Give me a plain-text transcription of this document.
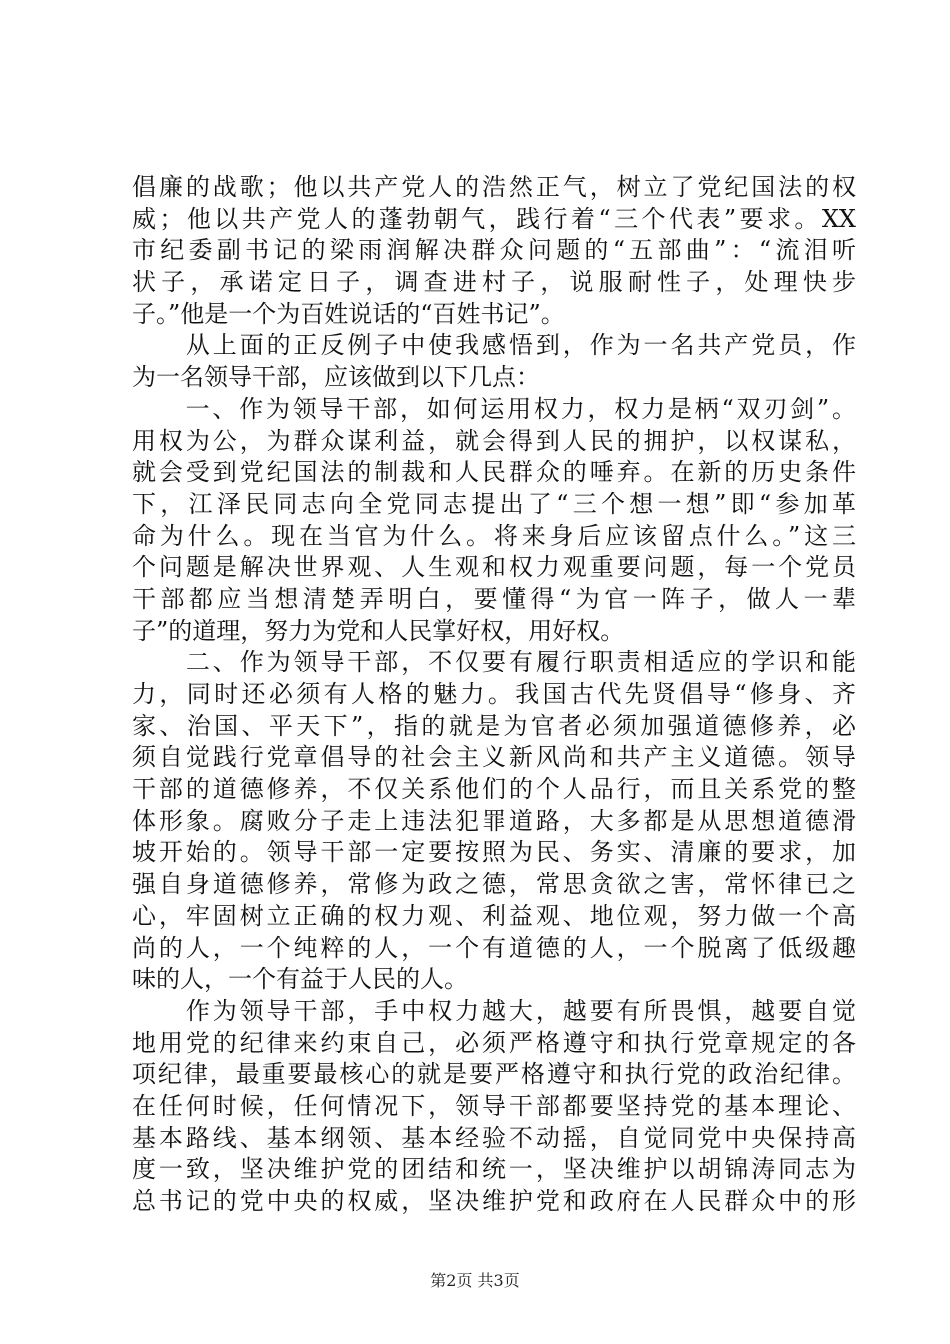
倡廉的战歌；他以共产党人的浩然正气，树立了党纪国法的权
威；他以共产党人的蓬勃朝气，践行着“三个代表”要求。XX
市纪委副书记的梁雨润解决群众问题的“五部曲”：“流泪听
状子，承诺定日子，调查进村子，说服耐性子，处理快步
子。”他是一个为百姓说话的“百姓书记”。
　　从上面的正反例子中使我感悟到，作为一名共产党员，作
为一名领导干部，应该做到以下几点：
　　一、作为领导干部，如何运用权力，权力是柄“双刃剑”。
用权为公，为群众谋利益，就会得到人民的拥护，以权谋私，
就会受到党纪国法的制裁和人民群众的唾弃。在新的历史条件
下，江泽民同志向全党同志提出了“三个想一想”即“参加革
命为什么。现在当官为什么。将来身后应该留点什么。”这三
个问题是解决世界观、人生观和权力观重要问题，每一个党员
干部都应当想清楚弄明白，要懂得“为官一阵子，做人一辈
子”的道理，努力为党和人民掌好权，用好权。
　　二、作为领导干部，不仅要有履行职责相适应的学识和能
力，同时还必须有人格的魅力。我国古代先贤倡导“修身、齐
家、治国、平天下”，指的就是为官者必须加强道德修养，必
须自觉践行党章倡导的社会主义新风尚和共产主义道德。领导
干部的道德修养，不仅关系他们的个人品行，而且关系党的整
体形象。腐败分子走上违法犯罪道路，大多都是从思想道德滑
坡开始的。领导干部一定要按照为民、务实、清廉的要求，加
强自身道德修养，常修为政之德，常思贪欲之害，常怀律已之
心，牢固树立正确的权力观、利益观、地位观，努力做一个高
尚的人，一个纯粹的人，一个有道德的人，一个脱离了低级趣
味的人，一个有益于人民的人。
　　作为领导干部，手中权力越大，越要有所畏惧，越要自觉
地用党的纪律来约束自己，必须严格遵守和执行党章规定的各
项纪律，最重要最核心的就是要严格遵守和执行党的政治纪律。
在任何时候，任何情况下，领导干部都要坚持党的基本理论、
基本路线、基本纲领、基本经验不动摇，自觉同党中央保持高
度一致，坚决维护党的团结和统一，坚决维护以胡锦涛同志为
总书记的党中央的权威，坚决维护党和政府在人民群众中的形
第2页 共3页
